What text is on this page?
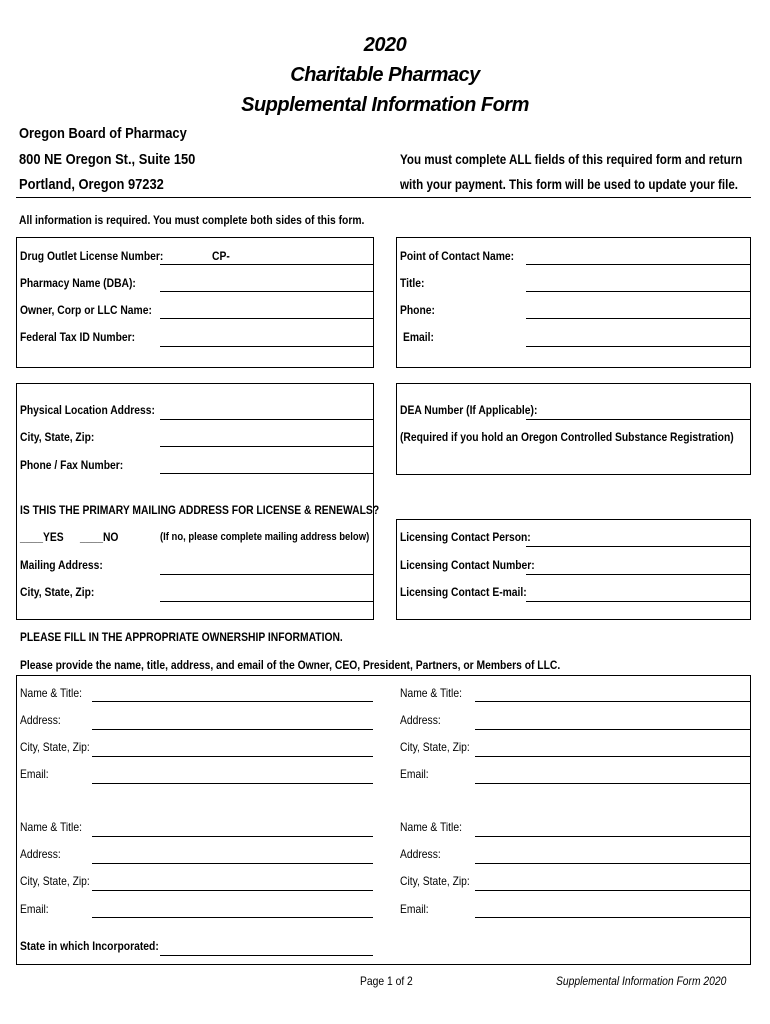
2020
Charitable Pharmacy
Supplemental Information Form
Oregon Board of Pharmacy
800 NE Oregon St., Suite 150
Portland, Oregon 97232
You must complete ALL fields of this required form and return
with your payment. This form will be used to update your file.
All information is required. You must complete both sides of this form.
Drug Outlet License Number:	CP-
Pharmacy Name (DBA):
Owner, Corp or LLC Name:
Federal Tax ID Number:
Point of Contact Name:
Title:
Phone:
Email:
Physical Location Address:
City, State, Zip:
Phone / Fax Number:
IS THIS THE PRIMARY MAILING ADDRESS FOR LICENSE & RENEWALS?
____YES ____NO	(If no, please complete mailing address below)
Mailing Address:
City, State, Zip:
DEA Number (If Applicable):
(Required if you hold an Oregon Controlled Substance Registration)
Licensing Contact Person:
Licensing Contact Number:
Licensing Contact E-mail:
PLEASE FILL IN THE APPROPRIATE OWNERSHIP INFORMATION.
Please provide the name, title, address, and email of the Owner, CEO, President, Partners, or Members of LLC.
Name & Title:
Address:
City, State, Zip:
Email:
Name & Title:
Address:
City, State, Zip:
Email:
Name & Title:
Address:
City, State, Zip:
Email:
Name & Title:
Address:
City, State, Zip:
Email:
State in which Incorporated:
Page 1 of 2	Supplemental Information Form 2020
